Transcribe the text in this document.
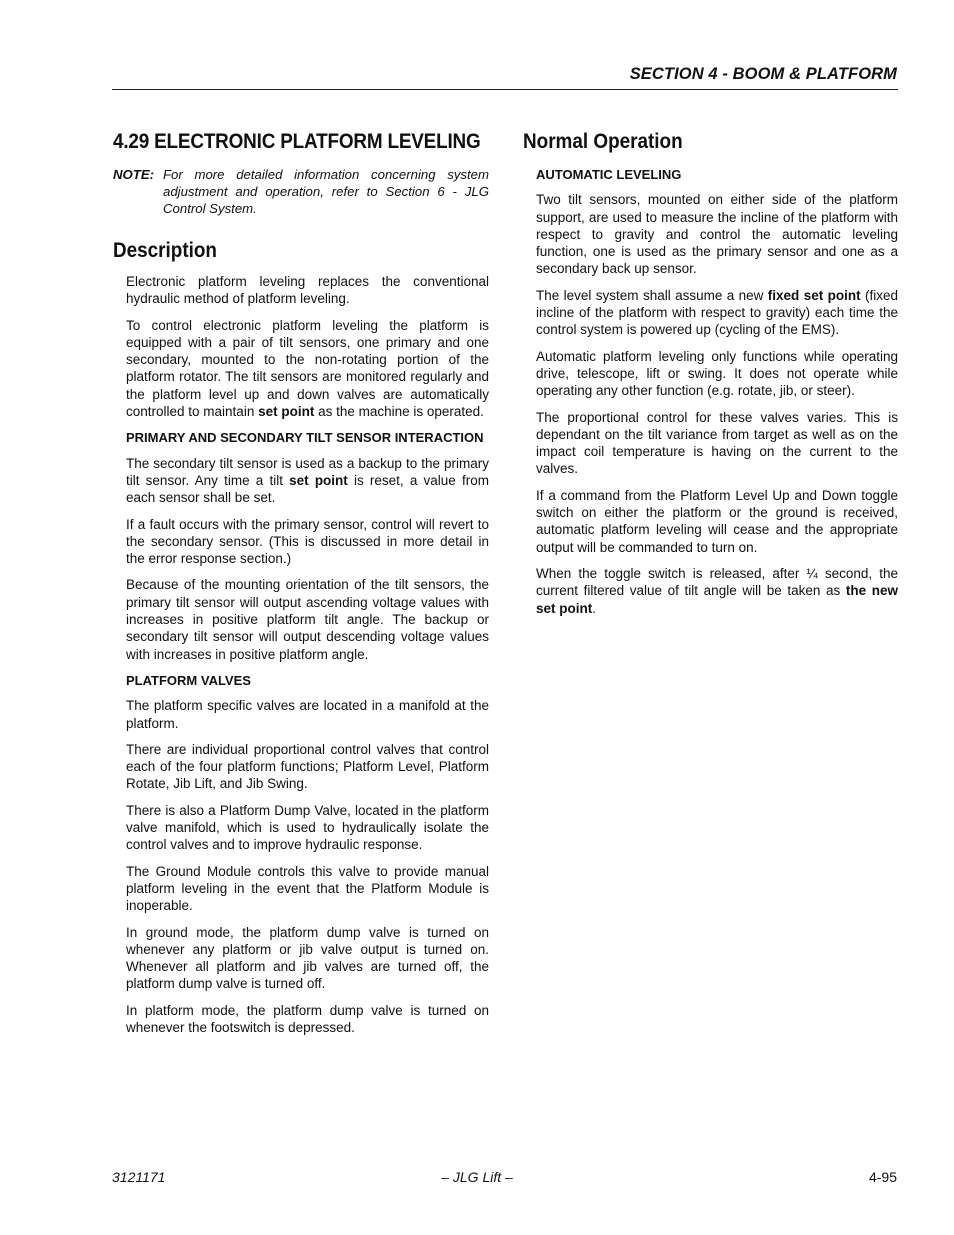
SECTION 4 - BOOM & PLATFORM
4.29 ELECTRONIC PLATFORM LEVELING
NOTE: For more detailed information concerning system adjustment and operation, refer to Section 6 - JLG Control System.
Description

Electronic platform leveling replaces the conventional hydraulic method of platform leveling.

To control electronic platform leveling the platform is equipped with a pair of tilt sensors, one primary and one secondary, mounted to the non-rotating portion of the platform rotator. The tilt sensors are monitored regularly and the platform level up and down valves are automatically controlled to maintain set point as the machine is operated.

PRIMARY AND SECONDARY TILT SENSOR INTERACTION

The secondary tilt sensor is used as a backup to the primary tilt sensor. Any time a tilt set point is reset, a value from each sensor shall be set.

If a fault occurs with the primary sensor, control will revert to the secondary sensor. (This is discussed in more detail in the error response section.)

Because of the mounting orientation of the tilt sensors, the primary tilt sensor will output ascending voltage values with increases in positive platform tilt angle. The backup or secondary tilt sensor will output descending voltage values with increases in positive platform angle.

PLATFORM VALVES

The platform specific valves are located in a manifold at the platform.

There are individual proportional control valves that control each of the four platform functions; Platform Level, Platform Rotate, Jib Lift, and Jib Swing.

There is also a Platform Dump Valve, located in the platform valve manifold, which is used to hydraulically isolate the control valves and to improve hydraulic response.

The Ground Module controls this valve to provide manual platform leveling in the event that the Platform Module is inoperable.

In ground mode, the platform dump valve is turned on whenever any platform or jib valve output is turned on. Whenever all platform and jib valves are turned off, the platform dump valve is turned off.

In platform mode, the platform dump valve is turned on whenever the footswitch is depressed.

Normal Operation
AUTOMATIC LEVELING

Two tilt sensors, mounted on either side of the platform support, are used to measure the incline of the platform with respect to gravity and control the automatic leveling function, one is used as the primary sensor and one as a secondary back up sensor.

The level system shall assume a new fixed set point (fixed incline of the platform with respect to gravity) each time the control system is powered up (cycling of the EMS).

Automatic platform leveling only functions while operating drive, telescope, lift or swing. It does not operate while operating any other function (e.g. rotate, jib, or steer).

The proportional control for these valves varies. This is dependant on the tilt variance from target as well as on the impact coil temperature is having on the current to the valves.

If a command from the Platform Level Up and Down toggle switch on either the platform or the ground is received, automatic platform leveling will cease and the appropriate output will be commanded to turn on.

When the toggle switch is released, after ¼ second, the current filtered value of tilt angle will be taken as the new set point.

3121171	– JLG Lift –	4-95
